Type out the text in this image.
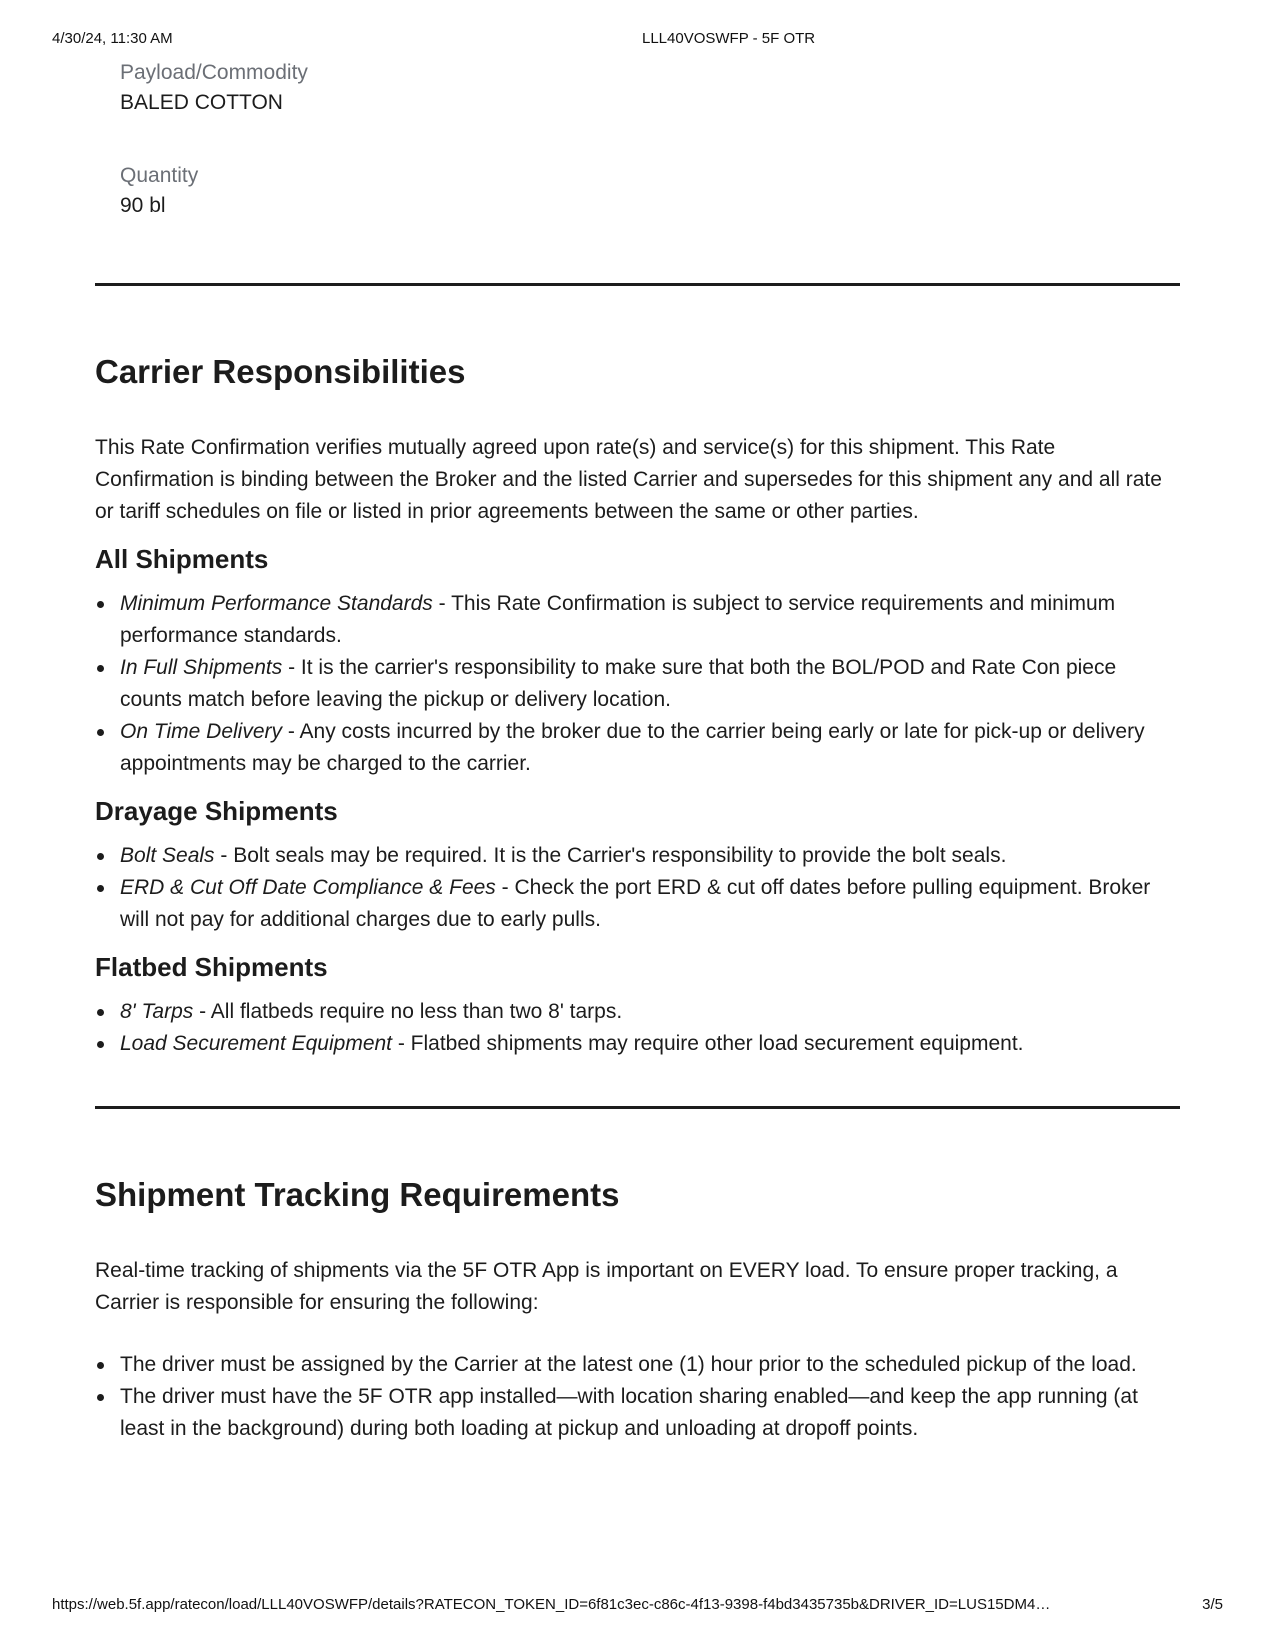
4/30/24, 11:30 AM	LLL40VOSWFP - 5F OTR
Payload/Commodity
BALED COTTON
Quantity
90 bl
Carrier Responsibilities

This Rate Confirmation verifies mutually agreed upon rate(s) and service(s) for this shipment. This Rate Confirmation is binding between the Broker and the listed Carrier and supersedes for this shipment any and all rate or tariff schedules on file or listed in prior agreements between the same or other parties.

All Shipments
Minimum Performance Standards - This Rate Confirmation is subject to service requirements and minimum performance standards.
In Full Shipments - It is the carrier's responsibility to make sure that both the BOL/POD and Rate Con piece counts match before leaving the pickup or delivery location.
On Time Delivery - Any costs incurred by the broker due to the carrier being early or late for pick-up or delivery appointments may be charged to the carrier.
Drayage Shipments
Bolt Seals - Bolt seals may be required. It is the Carrier's responsibility to provide the bolt seals.
ERD & Cut Off Date Compliance & Fees - Check the port ERD & cut off dates before pulling equipment. Broker will not pay for additional charges due to early pulls.
Flatbed Shipments
8' Tarps - All flatbeds require no less than two 8' tarps.
Load Securement Equipment - Flatbed shipments may require other load securement equipment.
Shipment Tracking Requirements

Real-time tracking of shipments via the 5F OTR App is important on EVERY load. To ensure proper tracking, a Carrier is responsible for ensuring the following:

The driver must be assigned by the Carrier at the latest one (1) hour prior to the scheduled pickup of the load.
The driver must have the 5F OTR app installed—with location sharing enabled—and keep the app running (at least in the background) during both loading at pickup and unloading at dropoff points.
https://web.5f.app/ratecon/load/LLL40VOSWFP/details?RATECON_TOKEN_ID=6f81c3ec-c86c-4f13-9398-f4bd3435735b&DRIVER_ID=LUS15DM4…	3/5
